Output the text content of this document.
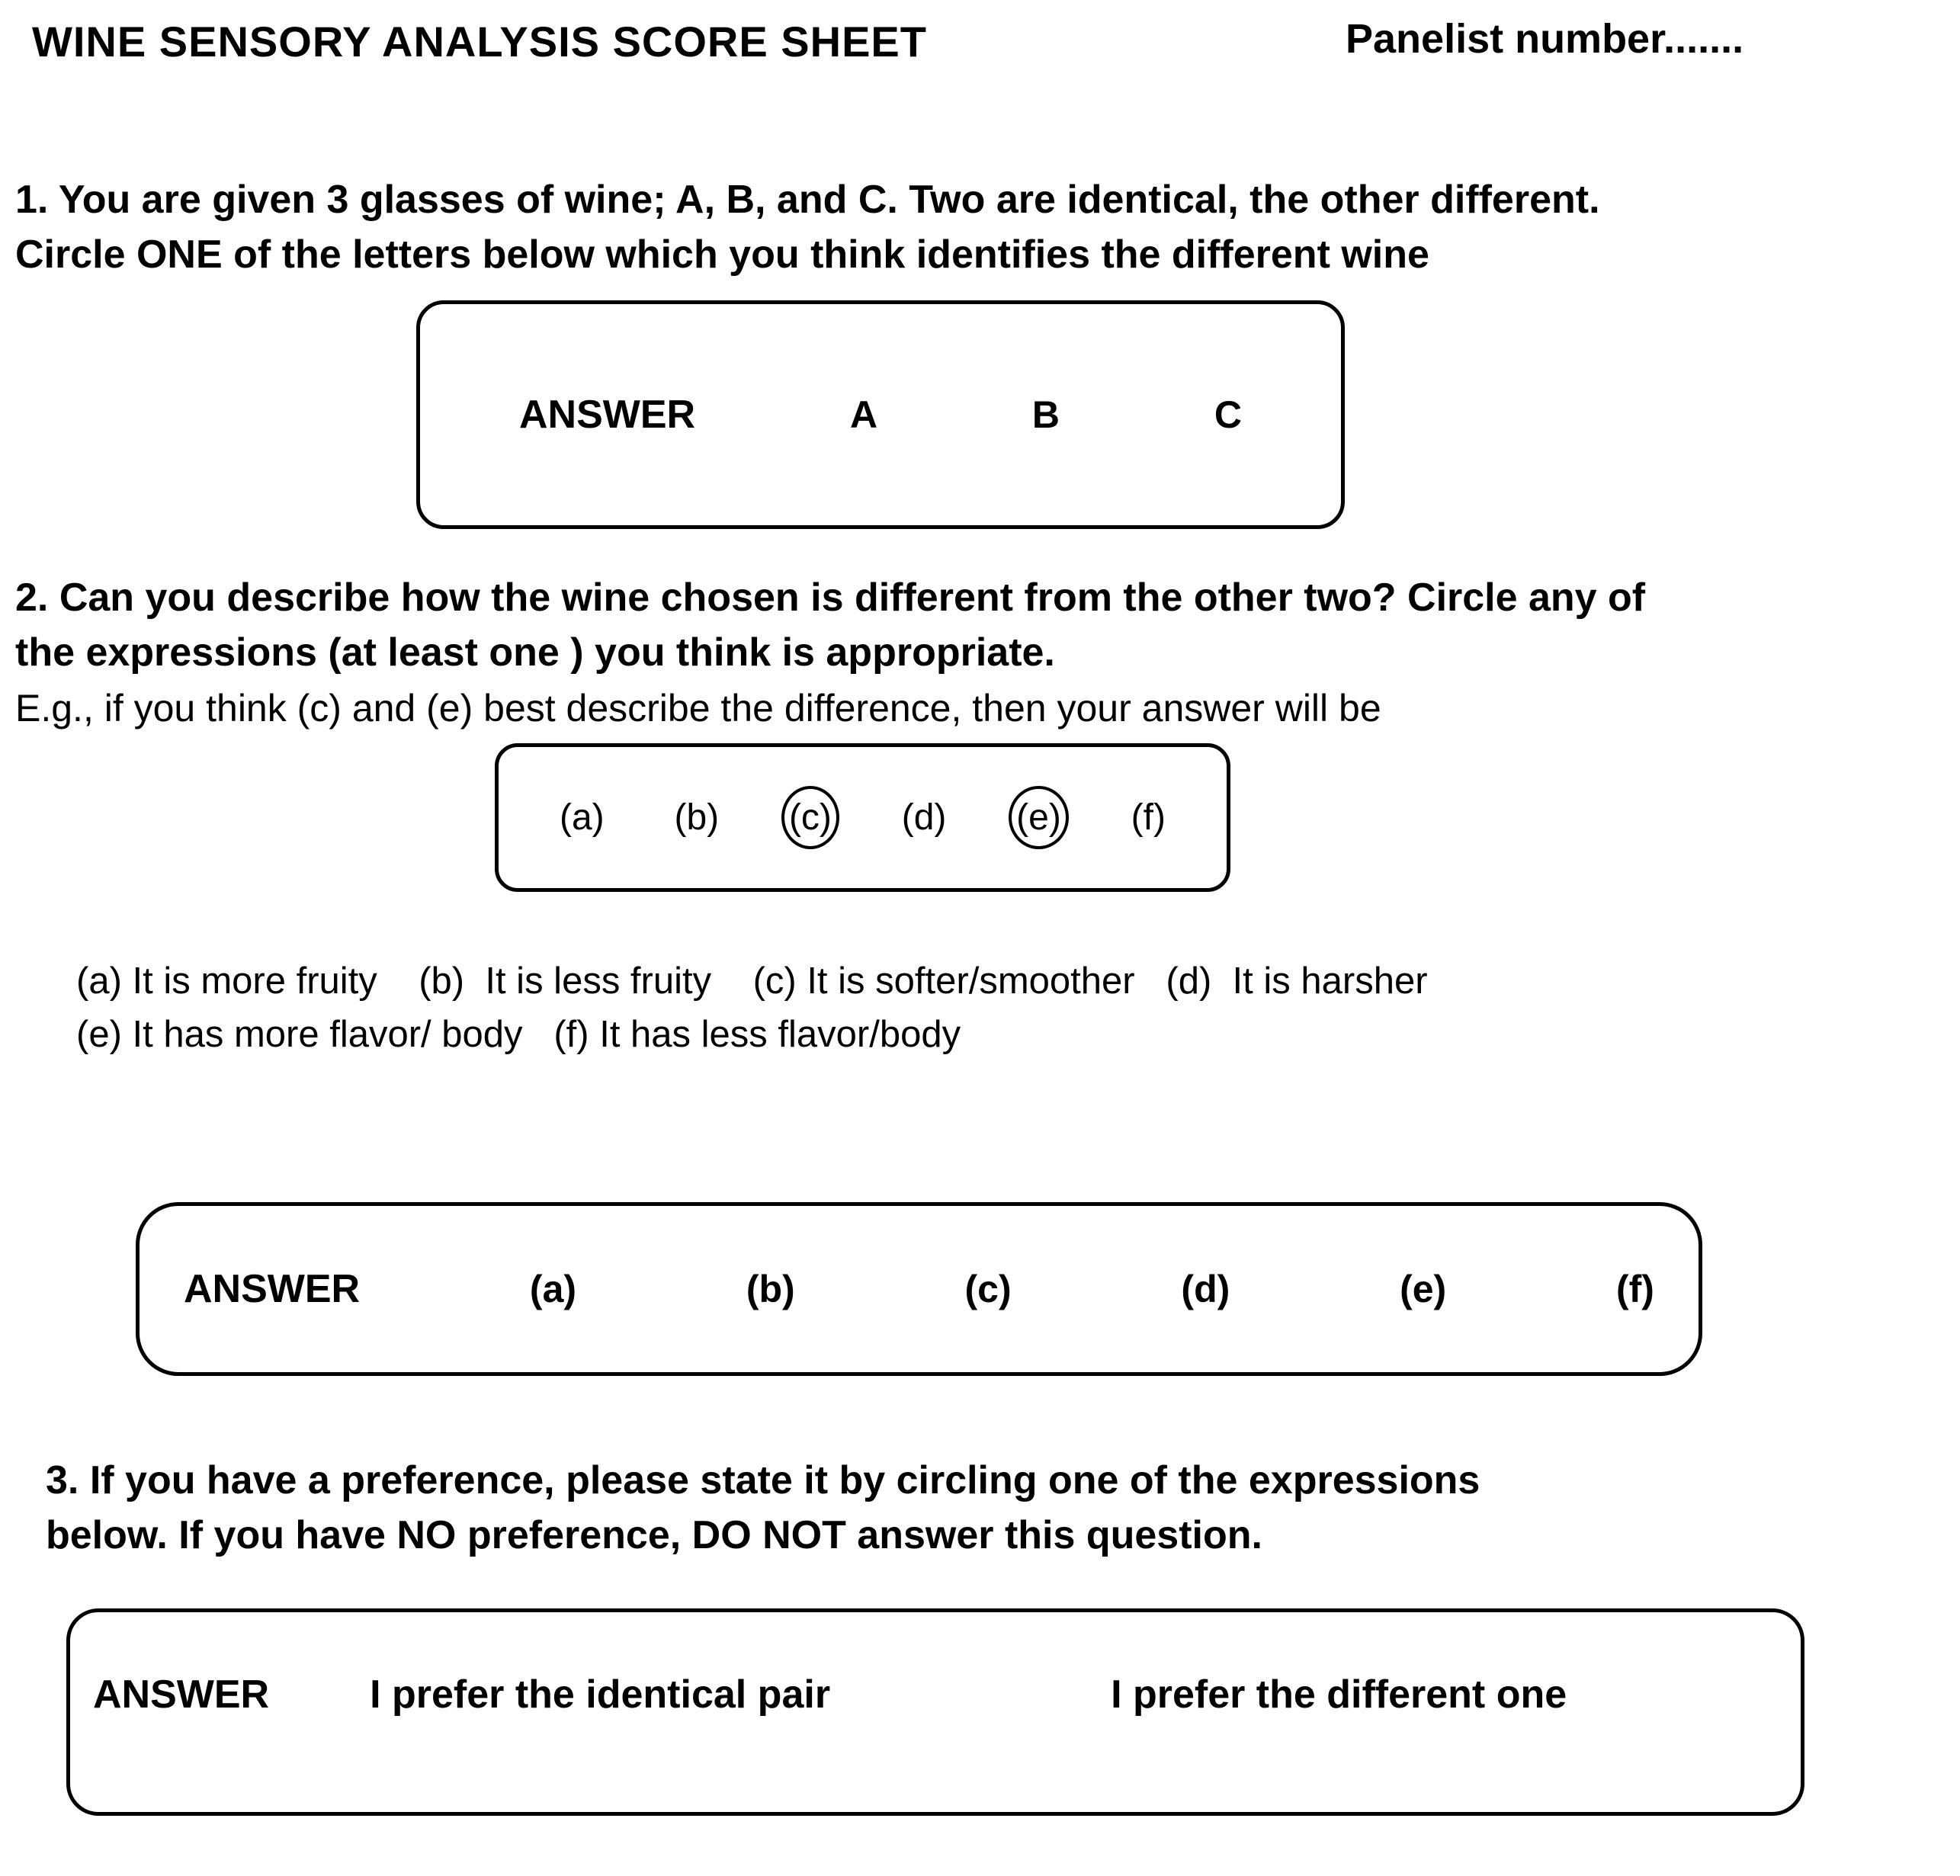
WINE SENSORY ANALYSIS SCORE SHEET	Panelist number.......
1. You are given 3 glasses of wine; A, B, and C. Two are identical, the other different.
Circle ONE of the letters below which you think identifies the different wine
ANSWER	A	B	C
2. Can you describe how the wine chosen is different from the other two? Circle any of
the expressions (at least one ) you think is appropriate.
E.g., if you think (c) and (e) best describe the difference, then your answer will be
(a) (b) (c) (d) (e) (f)
(a) It is more fruity    (b)  It is less fruity    (c) It is softer/smoother   (d)  It is harsher
(e) It has more flavor/ body   (f) It has less flavor/body
ANSWER	(a)	(b)	(c)	(d)	(e)	(f)
3. If you have a preference, please state it by circling one of the expressions
below. If you have NO preference, DO NOT answer this question.
ANSWER	I prefer the identical pair	I prefer the different one
